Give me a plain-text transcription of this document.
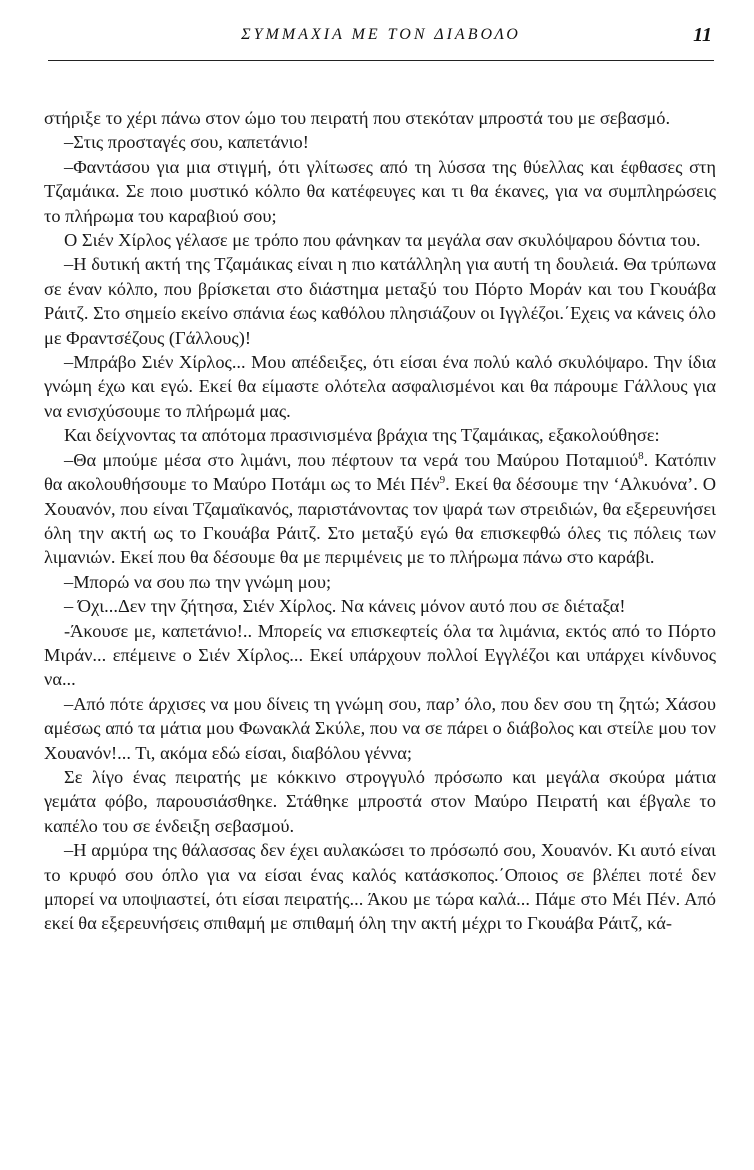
ΣΥΜΜΑΧΙΑ ΜΕ ΤΟΝ ΔΙΑΒΟΛΟ	11

στήριξε το χέρι πάνω στον ώμο του πειρατή που στεκόταν μπροστά του με σεβασμό.

–Στις προσταγές σου, καπετάνιο!

–Φαντάσου για μια στιγμή, ότι γλίτωσες από τη λύσσα της θύελλας και έφθασες στη Τζαμάικα. Σε ποιο μυστικό κόλπο θα κατέφευγες και τι θα έκανες, για να συμπληρώσεις το πλήρωμα του καραβιού σου;

Ο Σιέν Χίρλος γέλασε με τρόπο που φάνηκαν τα μεγάλα σαν σκυλόψαρου δόντια του.

–Η δυτική ακτή της Τζαμάικας είναι η πιο κατάλληλη για αυτή τη δουλειά. Θα τρύπωνα σε έναν κόλπο, που βρίσκεται στο διάστημα μεταξύ του Πόρτο Μοράν και του Γκουάβα Ράιτζ. Στο σημείο εκείνο σπάνια έως καθόλου πλησιάζουν οι Ιγγλέζοι.΄Εχεις να κάνεις όλο με Φραντσέζους (Γάλλους)!

–Μπράβο Σιέν Χίρλος... Μου απέδειξες, ότι είσαι ένα πολύ καλό σκυλόψαρο. Την ίδια γνώμη έχω και εγώ. Εκεί θα είμαστε ολότελα ασφαλισμένοι και θα πάρουμε Γάλλους για να ενισχύσουμε το πλήρωμά μας.

Και δείχνοντας τα απότομα πρασινισμένα βράχια της Τζαμάικας, εξακολούθησε:

–Θα μπούμε μέσα στο λιμάνι, που πέφτουν τα νερά του Μαύρου Ποταμιού$^8$. Κατόπιν θα ακολουθήσουμε το Μαύρο Ποτάμι ως το Μέι Πέν$^9$. Εκεί θα δέσουμε την ‘Αλκυόνα’. Ο Χουανόν, που είναι Τζαμαϊκανός, παριστάνοντας τον ψαρά των στρειδιών, θα εξερευνήσει όλη την ακτή ως το Γκουάβα Ράιτζ. Στο μεταξύ εγώ θα επισκεφθώ όλες τις πόλεις των λιμανιών. Εκεί που θα δέσουμε θα με περιμένεις με το πλήρωμα πάνω στο καράβι.

–Μπορώ να σου πω την γνώμη μου;

– Όχι...Δεν την ζήτησα, Σιέν Χίρλος. Να κάνεις μόνον αυτό που σε διέταξα!

-Άκουσε με, καπετάνιο!.. Μπορείς να επισκεφτείς όλα τα λιμάνια, εκτός από το Πόρτο Μιράν... επέμεινε ο Σιέν Χίρλος... Εκεί υπάρχουν πολλοί Εγγλέζοι και υπάρχει κίνδυνος να...

–Από πότε άρχισες να μου δίνεις τη γνώμη σου, παρ’ όλο, που δεν σου τη ζητώ; Χάσου αμέσως από τα μάτια μου Φωνακλά Σκύλε, που να σε πάρει ο διάβολος και στείλε μου τον Χουανόν!... Τι, ακόμα εδώ είσαι, διαβόλου γέννα;

Σε λίγο ένας πειρατής με κόκκινο στρογγυλό πρόσωπο και μεγάλα σκούρα μάτια γεμάτα φόβο, παρουσιάσθηκε. Στάθηκε μπροστά στον Μαύρο Πειρατή και έβγαλε το καπέλο του σε ένδειξη σεβασμού.

–Η αρμύρα της θάλασσας δεν έχει αυλακώσει το πρόσωπό σου, Χουανόν. Κι αυτό είναι το κρυφό σου όπλο για να είσαι ένας καλός κατάσκοπος.΄Οποιος σε βλέπει ποτέ δεν μπορεί να υποψιαστεί, ότι είσαι πειρατής... Άκου με τώρα καλά... Πάμε στο Μέι Πέν. Από εκεί θα εξερευνήσεις σπιθαμή με σπιθαμή όλη την ακτή μέχρι το Γκουάβα Ράιτζ, κά-
